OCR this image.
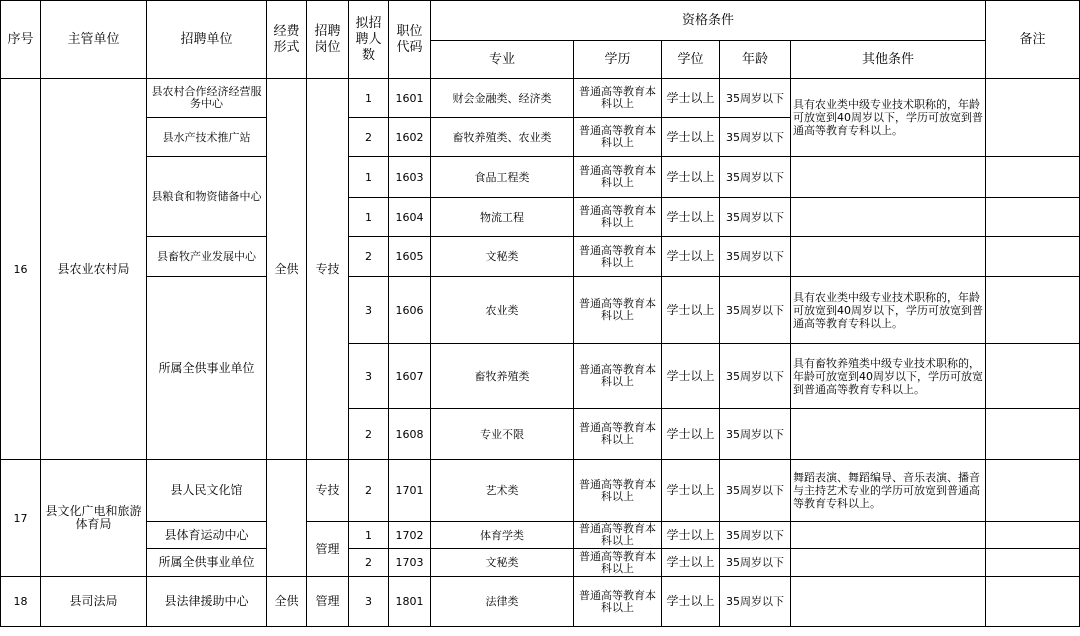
序号	主管单位	招聘单位	经费形式	招聘岗位	拟招聘人数	职位代码	资格条件					备注
							专业	学历	学位	年龄	其他条件	
16	县农业农村局	县农村合作经济经营服务中心	全供	专技	1	1601	财会金融类、经济类	普通高等教育本科以上	学士以上	35周岁以下	具有农业类中级专业技术职称的，年龄可放宽到40周岁以下，学历可放宽到普通高等教育专科以上。	
		县水产技术推广站			2	1602	畜牧养殖类、农业类	普通高等教育本科以上	学士以上	35周岁以下		
		县粮食和物资储备中心			1	1603	食品工程类	普通高等教育本科以上	学士以上	35周岁以下		
					1	1604	物流工程	普通高等教育本科以上	学士以上	35周岁以下		
		县畜牧产业发展中心			2	1605	文秘类	普通高等教育本科以上	学士以上	35周岁以下		
		所属全供事业单位			3	1606	农业类	普通高等教育本科以上	学士以上	35周岁以下	具有农业类中级专业技术职称的，年龄可放宽到40周岁以下，学历可放宽到普通高等教育专科以上。	
					3	1607	畜牧养殖类	普通高等教育本科以上	学士以上	35周岁以下	具有畜牧养殖类中级专业技术职称的，年龄可放宽到40周岁以下，学历可放宽到普通高等教育专科以上。	
					2	1608	专业不限	普通高等教育本科以上	学士以上	35周岁以下		
17	县文化广电和旅游体育局	县人民文化馆		专技	2	1701	艺术类	普通高等教育本科以上	学士以上	35周岁以下	舞蹈表演、舞蹈编导、音乐表演、播音与主持艺术专业的学历可放宽到普通高等教育专科以上。	
		县体育运动中心		管理	1	1702	体育学类	普通高等教育本科以上	学士以上	35周岁以下		
		所属全供事业单位			2	1703	文秘类	普通高等教育本科以上	学士以上	35周岁以下		
18	县司法局	县法律援助中心	全供	管理	3	1801	法律类	普通高等教育本科以上	学士以上	35周岁以下		
